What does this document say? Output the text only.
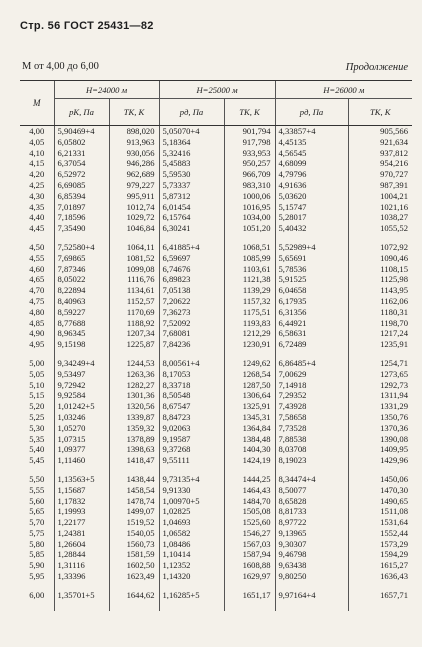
Стр. 56 ГОСТ 25431—82
М от 4,00 до 6,00	Продолжение
М	H=24000 м		H=25000 м		H=26000 м	
	pK, Па	TК, К	pд, Па	TК, К	pд, Па	TК, К
4,00	5,90469+4	898,020	5,05070+4	901,794	4,33857+4	905,566
4,05	6,05802	913,963	5,18364	917,798	4,45135	921,634
4,10	6,21331	930,056	5,32416	933,953	4,56545	937,812
4,15	6,37054	946,286	5,45883	950,257	4,68099	954,216
4,20	6,52972	962,689	5,59530	966,709	4,79796	970,727
4,25	6,69085	979,227	5,73337	983,310	4,91636	987,391
4,30	6,85394	995,911	5,87312	1000,06	5,03620	1004,21
4,35	7,01897	1012,74	6,01454	1016,95	5,15747	1021,16
4,40	7,18596	1029,72	6,15764	1034,00	5,28017	1038,27
4,45	7,35490	1046,84	6,30241	1051,20	5,40432	1055,52
4,50	7,52580+4	1064,11	6,41885+4	1068,51	5,52989+4	1072,92
4,55	7,69865	1081,52	6,59697	1085,99	5,65691	1090,46
4,60	7,87346	1099,08	6,74676	1103,61	5,78536	1108,15
4,65	8,05022	1116,76	6,89823	1121,38	5,91525	1125,98
4,70	8,22894	1134,61	7,05138	1139,29	6,04658	1143,95
4,75	8,40963	1152,57	7,20622	1157,32	6,17935	1162,06
4,80	8,59227	1170,69	7,36273	1175,51	6,31356	1180,31
4,85	8,77688	1188,92	7,52092	1193,83	6,44921	1198,70
4,90	8,96345	1207,34	7,68081	1212,29	6,58631	1217,24
4,95	9,15198	1225,87	7,84236	1230,91	6,72489	1235,91
5,00	9,34249+4	1244,53	8,00561+4	1249,62	6,86485+4	1254,71
5,05	9,53497	1263,36	8,17053	1268,54	7,00629	1273,65
5,10	9,72942	1282,27	8,33718	1287,50	7,14918	1292,73
5,15	9,92584	1301,36	8,50548	1306,64	7,29352	1311,94
5,20	1,01242+5	1320,56	8,67547	1325,91	7,43928	1331,29
5,25	1,03246	1339,87	8,84723	1345,31	7,58658	1350,76
5,30	1,05270	1359,32	9,02063	1364,84	7,73528	1370,36
5,35	1,07315	1378,89	9,19587	1384,48	7,88538	1390,08
5,40	1,09377	1398,63	9,37268	1404,30	8,03708	1409,95
5,45	1,11460	1418,47	9,55111	1424,19	8,19023	1429,96
5,50	1,13563+5	1438,44	9,73135+4	1444,25	8,34474+4	1450,06
5,55	1,15687	1458,54	9,91330	1464,43	8,50077	1470,30
5,60	1,17832	1478,74	1,00970+5	1484,70	8,65828	1490,65
5,65	1,19993	1499,07	1,02825	1505,08	8,81733	1511,08
5,70	1,22177	1519,52	1,04693	1525,60	8,97722	1531,64
5,75	1,24381	1540,05	1,06582	1546,27	9,13965	1552,44
5,80	1,26604	1560,73	1,08486	1567,03	9,30307	1573,29
5,85	1,28844	1581,59	1,10414	1587,94	9,46798	1594,29
5,90	1,31116	1602,50	1,12352	1608,88	9,63438	1615,27
5,95	1,33396	1623,49	1,14320	1629,97	9,80250	1636,43
6,00	1,35701+5	1644,62	1,16285+5	1651,17	9,97164+4	1657,71
